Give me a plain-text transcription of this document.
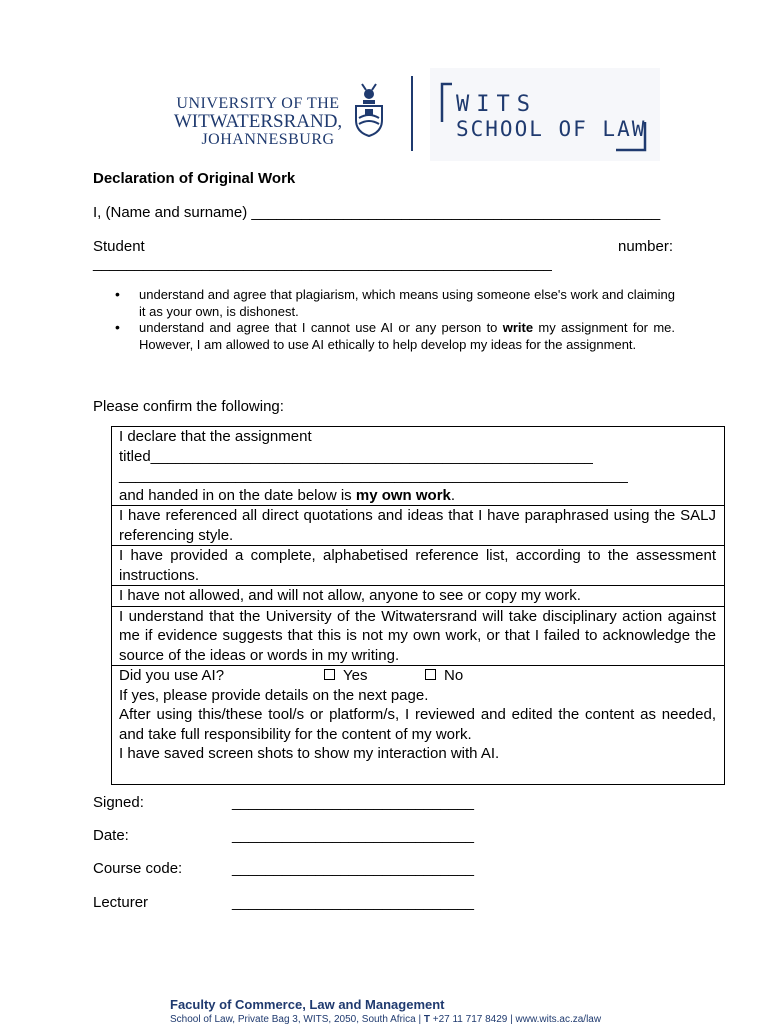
UNIVERSITY OF THE
WITWATERSRAND,
JOHANNESBURG
WITS
SCHOOL OF LAW
Declaration of Original Work
I, (Name and surname) _________________________________________________
Student	number:
_______________________________________________________
• understand and agree that plagiarism, which means using someone else's work and claiming it as your own, is dishonest.
• understand and agree that I cannot use AI or any person to write my assignment for me. However, I am allowed to use AI ethically to help develop my ideas for the assignment.
Please confirm the following:
I declare that the assignment
titled_____________________________________________________
_____________________________________________________________
and handed in on the date below is my own work.
I have referenced all direct quotations and ideas that I have paraphrased using the SALJ referencing style.
I have provided a complete, alphabetised reference list, according to the assessment instructions.
I have not allowed, and will not allow, anyone to see or copy my work.
I understand that the University of the Witwatersrand will take disciplinary action against me if evidence suggests that this is not my own work, or that I failed to acknowledge the source of the ideas or words in my writing.
Did you use AI?	Yes	No
If yes, please provide details on the next page.
After using this/these tool/s or platform/s, I reviewed and edited the content as needed, and take full responsibility for the content of my work.
I have saved screen shots to show my interaction with AI.
Signed:	_____________________________
Date:	_____________________________
Course code:	_____________________________
Lecturer	_____________________________
Faculty of Commerce, Law and Management
School of Law, Private Bag 3, WITS, 2050, South Africa | T +27 11 717 8429 | www.wits.ac.za/law
